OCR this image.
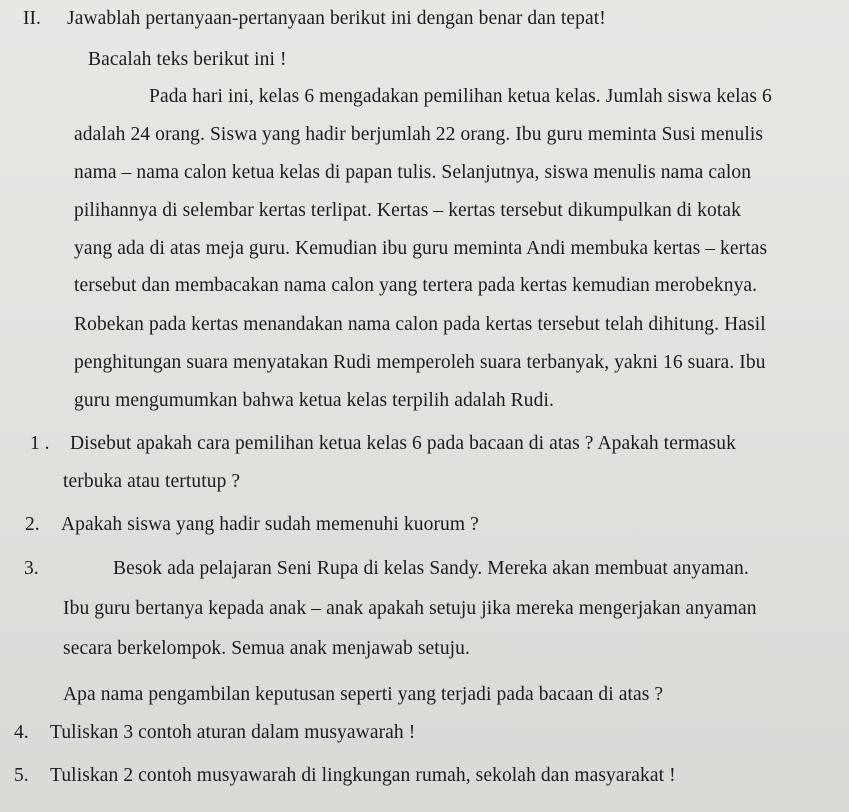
II. Jawablah pertanyaan-pertanyaan berikut ini dengan benar dan tepat!
Bacalah teks berikut ini !
Pada hari ini, kelas 6 mengadakan pemilihan ketua kelas. Jumlah siswa kelas 6
adalah 24 orang. Siswa yang hadir berjumlah 22 orang. Ibu guru meminta Susi menulis
nama – nama calon ketua kelas di papan tulis. Selanjutnya, siswa menulis nama calon
pilihannya di selembar kertas terlipat. Kertas – kertas tersebut dikumpulkan di kotak
yang ada di atas meja guru. Kemudian ibu guru meminta Andi membuka kertas – kertas
tersebut dan membacakan nama calon yang tertera pada kertas kemudian merobeknya.
Robekan pada kertas menandakan nama calon pada kertas tersebut telah dihitung. Hasil
penghitungan suara menyatakan Rudi memperoleh suara terbanyak, yakni 16 suara. Ibu
guru mengumumkan bahwa ketua kelas terpilih adalah Rudi.
1 . Disebut apakah cara pemilihan ketua kelas 6 pada bacaan di atas ? Apakah termasuk
terbuka atau tertutup ?
2. Apakah siswa yang hadir sudah memenuhi kuorum ?
3.	Besok ada pelajaran Seni Rupa di kelas Sandy. Mereka akan membuat anyaman.
Ibu guru bertanya kepada anak – anak apakah setuju jika mereka mengerjakan anyaman
secara berkelompok. Semua anak menjawab setuju.
Apa nama pengambilan keputusan seperti yang terjadi pada bacaan di atas ?
4. Tuliskan 3 contoh aturan dalam musyawarah !
5. Tuliskan 2 contoh musyawarah di lingkungan rumah, sekolah dan masyarakat !
